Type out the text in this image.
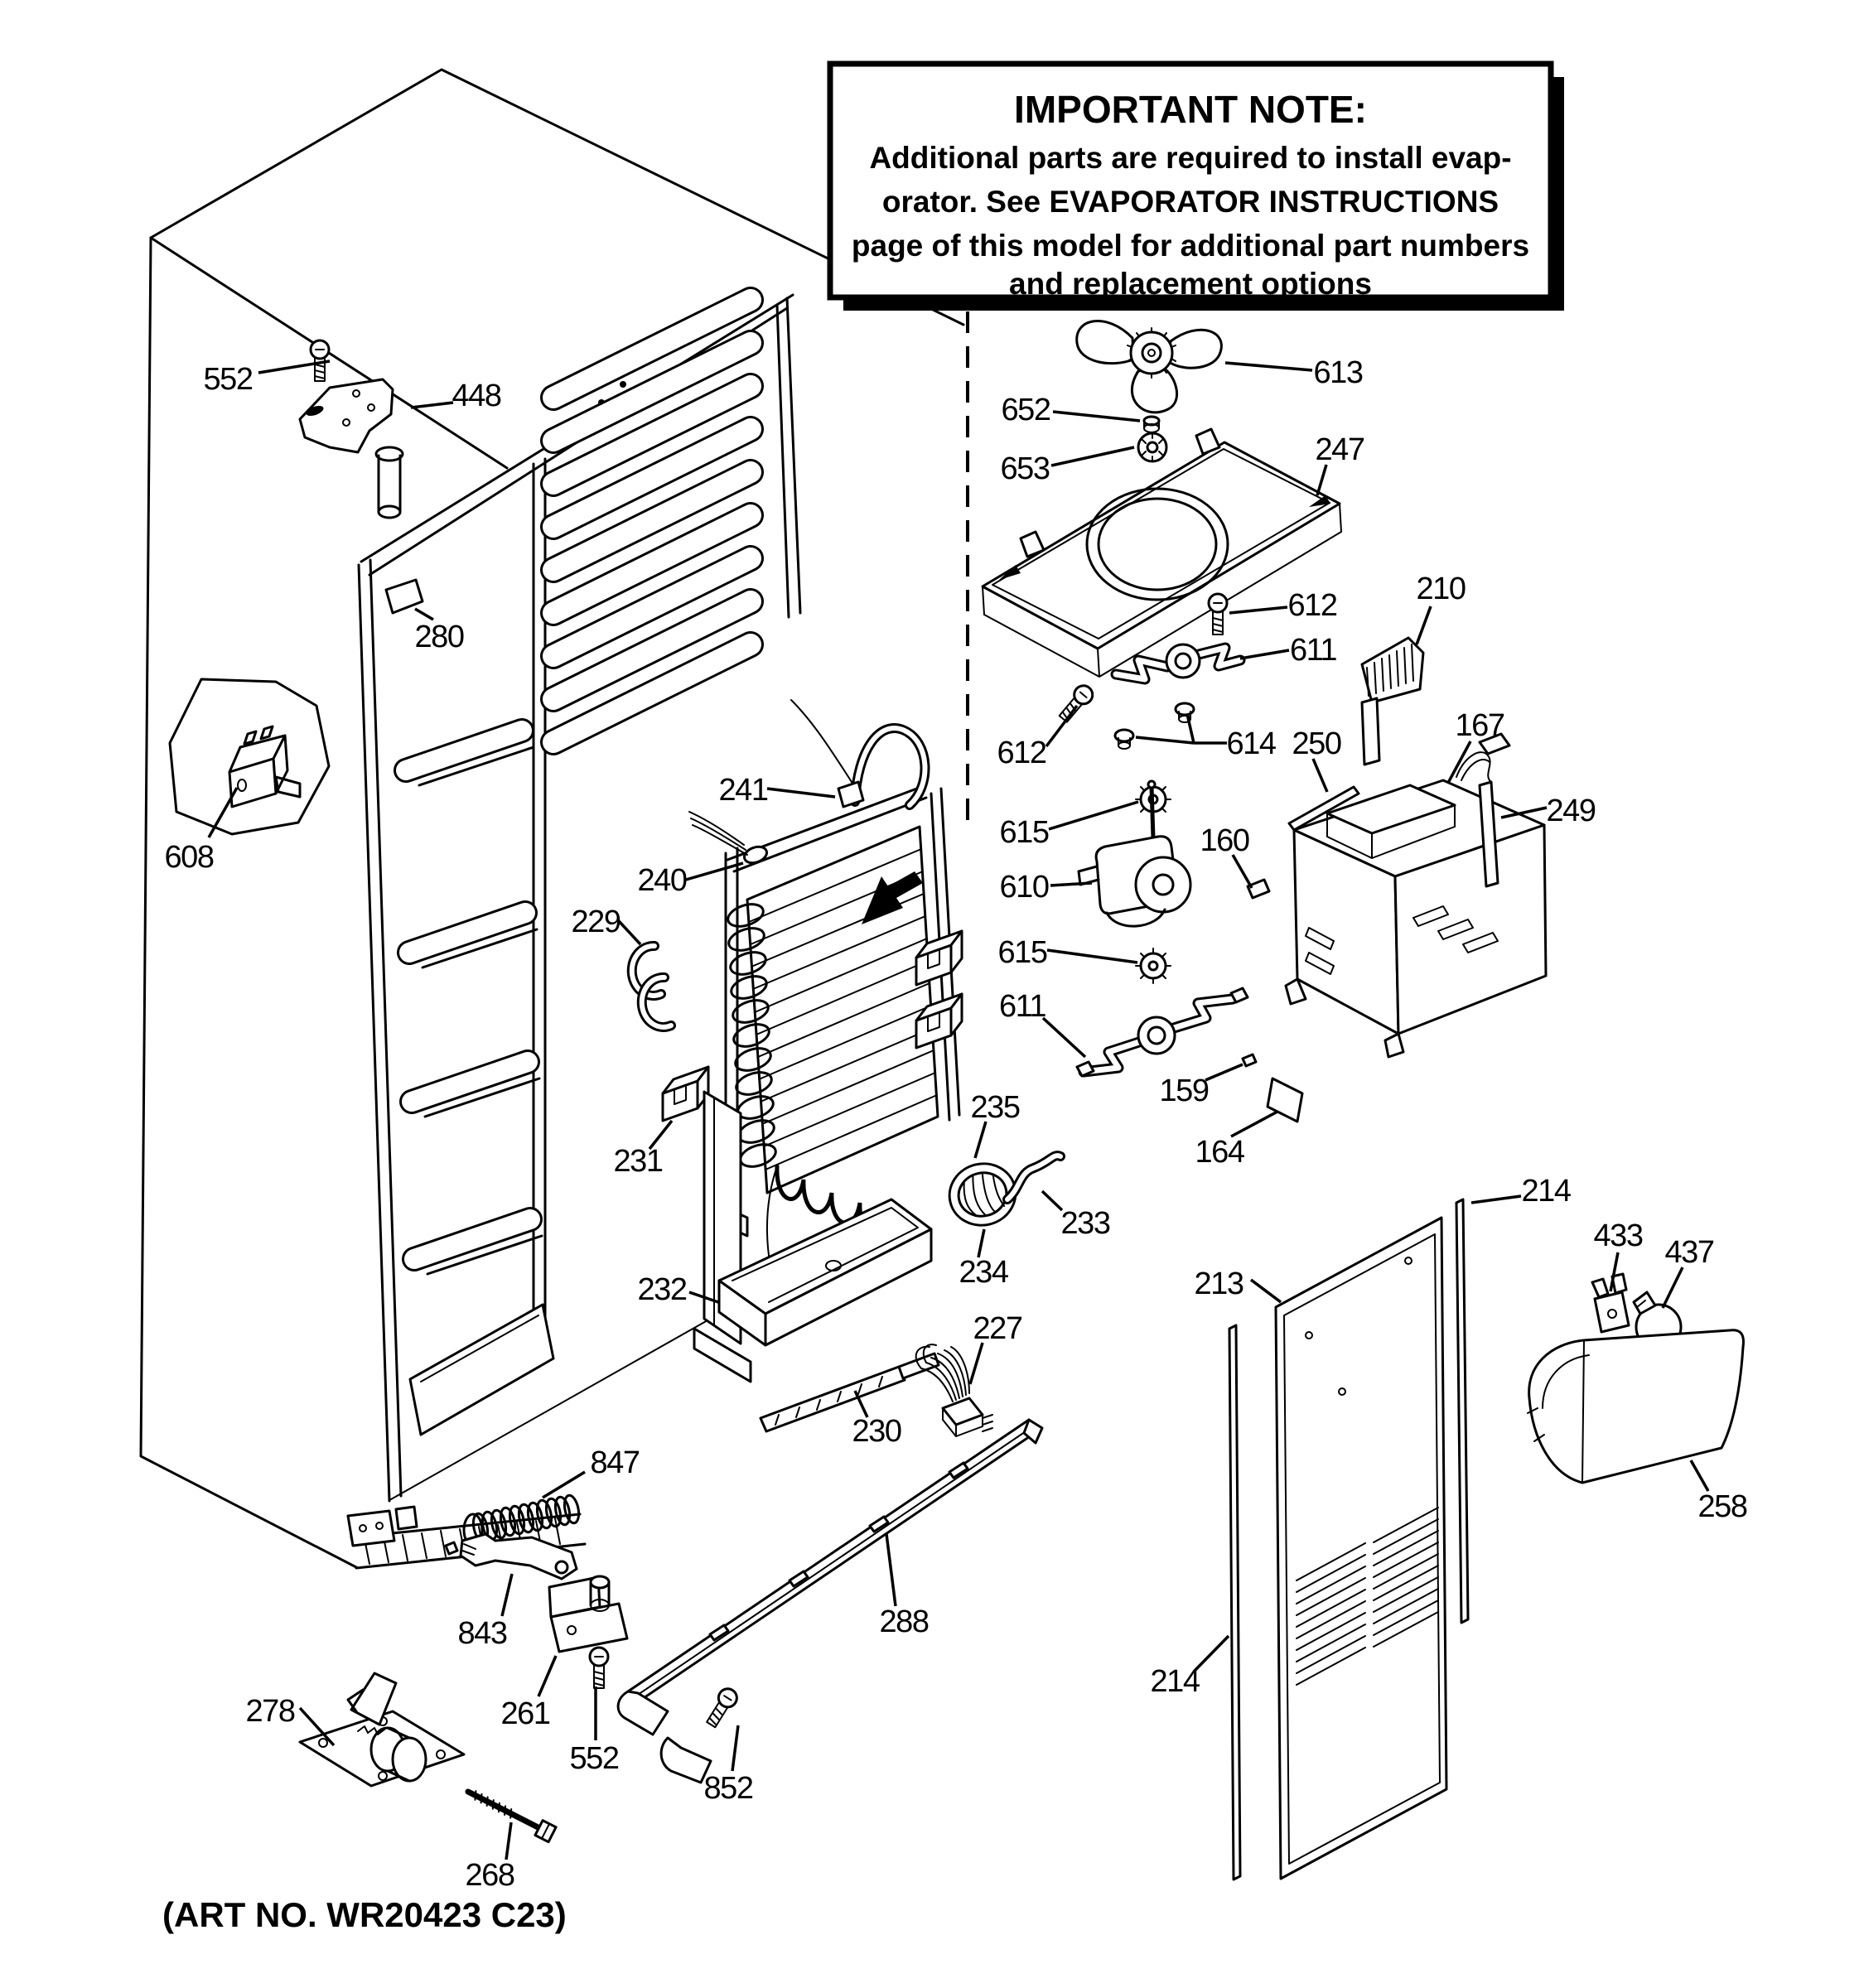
IMPORTANT NOTE:
Additional parts are required to install evap-
orator. See EVAPORATOR INSTRUCTIONS
page of this model for additional part numbers
and replacement options
(ART NO. WR20423 C23)
552	448
280
608
241
240
229
231
232
230
227
235
234
233
288
847
843
261
552
852
278
268
613
652
653
247
612
611
612	614
615
610
615
611
159
164
160
250
210
167
249
213
214
214
433 437
258
